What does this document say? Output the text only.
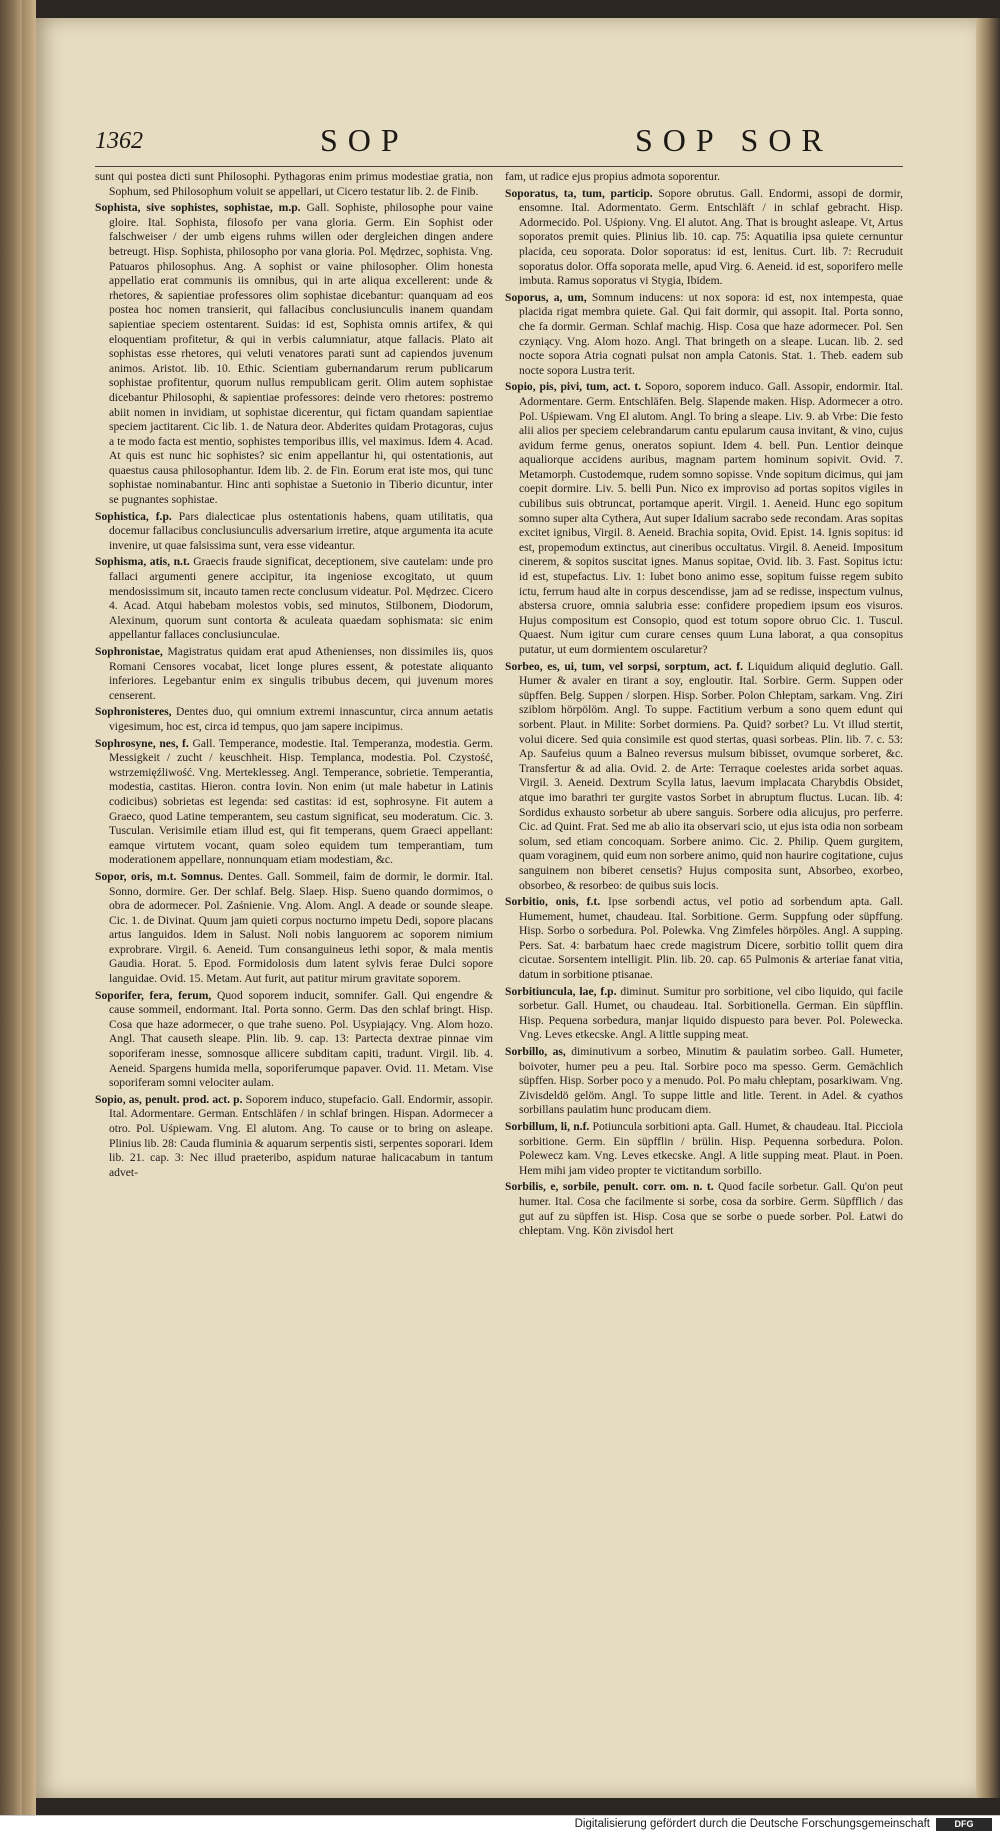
1362	SOP	SOP SOR

sunt qui postea dicti sunt Philosophi. Pythagoras enim primus modestiae gratia, non Sophum, sed Philosophum voluit se appellari, ut Cicero testatur lib. 2. de Finib.

Sophista, sive sophistes, sophistae, m.p. Gall. Sophiste, philosophe pour vaine gloire. Ital. Sophista, filosofo per vana gloria. Germ. Ein Sophist oder falschweiser / der umb eigens ruhms willen oder dergleichen dingen andere betreugt. Hisp. Sophista, philosopho por vana gloria. Pol. Mędrzec, sophista. Vng. Patuaros philosophus. Ang. A sophist or vaine philosopher. Olim honesta appellatio erat communis iis omnibus, qui in arte aliqua excellerent: unde & rhetores, & sapientiae professores olim sophistae dicebantur: quanquam ad eos postea hoc nomen transierit, qui fallacibus conclusiunculis inanem quandam sapientiae speciem ostentarent. Suidas: id est, Sophista omnis artifex, & qui eloquentiam profitetur, & qui in verbis calumniatur, atque fallacis. Plato ait sophistas esse rhetores, qui veluti venatores parati sunt ad capiendos juvenum animos. Aristot. lib. 10. Ethic. Scientiam gubernandarum rerum publicarum sophistae profitentur, quorum nullus rempublicam gerit. Olim autem sophistae dicebantur Philosophi, & sapientiae professores: deinde vero rhetores: postremo abiit nomen in invidiam, ut sophistae dicerentur, qui fictam quandam sapientiae speciem jactitarent. Cic lib. 1. de Natura deor. Abderites quidam Protagoras, cujus a te modo facta est mentio, sophistes temporibus illis, vel maximus. Idem 4. Acad. At quis est nunc hic sophistes? sic enim appellantur hi, qui ostentationis, aut quaestus causa philosophantur. Idem lib. 2. de Fin. Eorum erat iste mos, qui tunc sophistae nominabantur. Hinc anti sophistae a Suetonio in Tiberio dicuntur, inter se pugnantes sophistae.

Sophistica, f.p. Pars dialecticae plus ostentationis habens, quam utilitatis, qua docemur fallacibus conclusiunculis adversarium irretire, atque argumenta ita acute invenire, ut quae falsissima sunt, vera esse videantur.

Sophisma, atis, n.t. Graecis fraude significat, deceptionem, sive cautelam: unde pro fallaci argumenti genere accipitur, ita ingeniose excogitato, ut quum mendosissimum sit, incauto tamen recte conclusum videatur. Pol. Mędrzec. Cicero 4. Acad. Atqui habebam molestos vobis, sed minutos, Stilbonem, Diodorum, Alexinum, quorum sunt contorta & aculeata quaedam sophismata: sic enim appellantur fallaces conclusiunculae.

Sophronistae, Magistratus quidam erat apud Athenienses, non dissimiles iis, quos Romani Censores vocabat, licet longe plures essent, & potestate aliquanto inferiores. Legebantur enim ex singulis tribubus decem, qui juvenum mores censerent.

Sophronisteres, Dentes duo, qui omnium extremi innascuntur, circa annum aetatis vigesimum, hoc est, circa id tempus, quo jam sapere incipimus.

Sophrosyne, nes, f. Gall. Temperance, modestie. Ital. Temperanza, modestia. Germ. Messigkeit / zucht / keuschheit. Hisp. Templanca, modestia. Pol. Czystość, wstrzemięźliwość. Vng. Merteklesseg. Angl. Temperance, sobrietie. Temperantia, modestia, castitas. Hieron. contra Iovin. Non enim (ut male habetur in Latinis codicibus) sobrietas est legenda: sed castitas: id est, sophrosyne. Fit autem a Graeco, quod Latine temperantem, seu castum significat, seu moderatum. Cic. 3. Tusculan. Verisimile etiam illud est, qui fit temperans, quem Graeci appellant: eamque virtutem vocant, quam soleo equidem tum temperantiam, tum moderationem appellare, nonnunquam etiam modestiam, &c.

Sopor, oris, m.t. Somnus. Dentes. Gall. Sommeil, faim de dormir, le dormir. Ital. Sonno, dormire. Ger. Der schlaf. Belg. Slaep. Hisp. Sueno quando dormimos, o obra de adormecer. Pol. Zaśnienie. Vng. Alom. Angl. A deade or sounde sleape. Cic. 1. de Divinat. Quum jam quieti corpus nocturno impetu Dedi, sopore placans artus languidos. Idem in Salust. Noli nobis languorem ac soporem nimium exprobrare. Virgil. 6. Aeneid. Tum consanguineus lethi sopor, & mala mentis Gaudia. Horat. 5. Epod. Formidolosis dum latent sylvis ferae Dulci sopore languidae. Ovid. 15. Metam. Aut furit, aut patitur mirum gravitate soporem.

Soporifer, fera, ferum, Quod soporem inducit, somnifer. Gall. Qui engendre & cause sommeil, endormant. Ital. Porta sonno. Germ. Das den schlaf bringt. Hisp. Cosa que haze adormecer, o que trahe sueno. Pol. Usypiający. Vng. Alom hozo. Angl. That causeth sleape. Plin. lib. 9. cap. 13: Partecta dextrae pinnae vim soporiferam inesse, somnosque allicere subditam capiti, tradunt. Virgil. lib. 4. Aeneid. Spargens humida mella, soporiferumque papaver. Ovid. 11. Metam. Vise soporiferam somni velociter aulam.

Sopio, as, penult. prod. act. p. Soporem induco, stupefacio. Gall. Endormir, assopir. Ital. Adormentare. German. Entschläfen / in schlaf bringen. Hispan. Adormecer a otro. Pol. Uśpiewam. Vng. El alutom. Ang. To cause or to bring on asleape. Plinius lib. 28: Cauda fluminia & aquarum serpentis sisti, serpentes soporari. Idem lib. 21. cap. 3: Nec illud praeteribo, aspidum naturae halicacabum in tantum advet-

fam, ut radice ejus propius admota soporentur.

Soporatus, ta, tum, particip. Sopore obrutus. Gall. Endormi, assopi de dormir, ensomne. Ital. Adormentato. Germ. Entschläft / in schlaf gebracht. Hisp. Adormecido. Pol. Uśpiony. Vng. El alutot. Ang. That is brought asleape. Vt, Artus soporatos premit quies. Plinius lib. 10. cap. 75: Aquatilia ipsa quiete cernuntur placida, ceu soporata. Dolor soporatus: id est, lenitus. Curt. lib. 7: Recruduit soporatus dolor. Offa soporata melle, apud Virg. 6. Aeneid. id est, soporifero melle imbuta. Ramus soporatus vi Stygia, Ibidem.

Soporus, a, um, Somnum inducens: ut nox sopora: id est, nox intempesta, quae placida rigat membra quiete. Gal. Qui fait dormir, qui assopit. Ital. Porta sonno, che fa dormir. German. Schlaf machig. Hisp. Cosa que haze adormecer. Pol. Sen czyniący. Vng. Alom hozo. Angl. That bringeth on a sleape. Lucan. lib. 2. sed nocte sopora Atria cognati pulsat non ampla Catonis. Stat. 1. Theb. eadem sub nocte sopora Lustra terit.

Sopio, pis, pivi, tum, act. t. Soporo, soporem induco. Gall. Assopir, endormir. Ital. Adormentare. Germ. Entschläfen. Belg. Slapende maken. Hisp. Adormecer a otro. Pol. Uśpiewam. Vng El alutom. Angl. To bring a sleape. Liv. 9. ab Vrbe: Die festo alii alios per speciem celebrandarum cantu epularum causa invitant, & vino, cujus avidum ferme genus, oneratos sopiunt. Idem 4. bell. Pun. Lentior deinque aqualiorque accidens auribus, magnam partem hominum sopivit. Ovid. 7. Metamorph. Custodemque, rudem somno sopisse. Vnde sopitum dicimus, qui jam coepit dormire. Liv. 5. belli Pun. Nico ex improviso ad portas sopitos vigiles in cubilibus suis obtruncat, portamque aperit. Virgil. 1. Aeneid. Hunc ego sopitum somno super alta Cythera, Aut super Idalium sacrabo sede recondam. Aras sopitas excitet ignibus, Virgil. 8. Aeneid. Brachia sopita, Ovid. Epist. 14. Ignis sopitus: id est, propemodum extinctus, aut cineribus occultatus. Virgil. 8. Aeneid. Impositum cinerem, & sopitos suscitat ignes. Manus sopitae, Ovid. lib. 3. Fast. Sopitus ictu: id est, stupefactus. Liv. 1: Iubet bono animo esse, sopitum fuisse regem subito ictu, ferrum haud alte in corpus descendisse, jam ad se redisse, inspectum vulnus, abstersa cruore, omnia salubria esse: confidere propediem ipsum eos visuros. Hujus compositum est Consopio, quod est totum sopore obruo Cic. 1. Tuscul. Quaest. Num igitur cum curare censes quum Luna laborat, a qua consopitus putatur, ut eum dormientem oscularetur?

Sorbeo, es, ui, tum, vel sorpsi, sorptum, act. f. Liquidum aliquid deglutio. Gall. Humer & avaler en tirant a soy, engloutir. Ital. Sorbire. Germ. Suppen oder süpffen. Belg. Suppen / slorpen. Hisp. Sorber. Polon Chłeptam, sarkam. Vng. Ziri sziblom hörpölöm. Angl. To suppe. Factitium verbum a sono quem edunt qui sorbent. Plaut. in Milite: Sorbet dormiens. Pa. Quid? sorbet? Lu. Vt illud stertit, volui dicere. Sed quia consimile est quod stertas, quasi sorbeas. Plin. lib. 7. c. 53: Ap. Saufeius quum a Balneo reversus mulsum bibisset, ovumque sorberet, &c. Transfertur & ad alia. Ovid. 2. de Arte: Terraque coelestes arida sorbet aquas. Virgil. 3. Aeneid. Dextrum Scylla latus, laevum implacata Charybdis Obsidet, atque imo barathri ter gurgite vastos Sorbet in abruptum fluctus. Lucan. lib. 4: Sordidus exhausto sorbetur ab ubere sanguis. Sorbere odia alicujus, pro perferre. Cic. ad Quint. Frat. Sed me ab alio ita observari scio, ut ejus ista odia non sorbeam solum, sed etiam concoquam. Sorbere animo. Cic. 2. Philip. Quem gurgitem, quam voraginem, quid eum non sorbere animo, quid non haurire cogitatione, cujus sanguinem non biberet censetis? Hujus composita sunt, Absorbeo, exorbeo, obsorbeo, & resorbeo: de quibus suis locis.

Sorbitio, onis, f.t. Ipse sorbendi actus, vel potio ad sorbendum apta. Gall. Humement, humet, chaudeau. Ital. Sorbitione. Germ. Suppfung oder süpffung. Hisp. Sorbo o sorbedura. Pol. Polewka. Vng Zimfeles hörpöles. Angl. A supping. Pers. Sat. 4: barbatum haec crede magistrum Dicere, sorbitio tollit quem dira cicutae. Sorsentem intelligit. Plin. lib. 20. cap. 65 Pulmonis & arteriae fanat vitia, datum in sorbitione ptisanae.

Sorbitiuncula, lae, f.p. diminut. Sumitur pro sorbitione, vel cibo liquido, qui facile sorbetur. Gall. Humet, ou chaudeau. Ital. Sorbitionella. German. Ein süpfflin. Hisp. Pequena sorbedura, manjar liquido dispuesto para bever. Pol. Polewecka. Vng. Leves etkecske. Angl. A little supping meat.

Sorbillo, as, diminutivum a sorbeo, Minutim & paulatim sorbeo. Gall. Humeter, boivoter, humer peu a peu. Ital. Sorbire poco ma spesso. Germ. Gemächlich süpffen. Hisp. Sorber poco y a menudo. Pol. Po mału chłeptam, posarkiwam. Vng. Zivisdeldö gelöm. Angl. To suppe little and litle. Terent. in Adel. & cyathos sorbillans paulatim hunc producam diem.

Sorbillum, li, n.f. Potiuncula sorbitioni apta. Gall. Humet, & chaudeau. Ital. Picciola sorbitione. Germ. Ein süpfflin / brülin. Hisp. Pequenna sorbedura. Polon. Polewecz kam. Vng. Leves etkecske. Angl. A litle supping meat. Plaut. in Poen. Hem mihi jam video propter te victitandum sorbillo.

Sorbilis, e, sorbile, penult. corr. om. n. t. Quod facile sorbetur. Gall. Qu'on peut humer. Ital. Cosa che facilmente si sorbe, cosa da sorbire. Germ. Süpfflich / das gut auf zu süpffen ist. Hisp. Cosa que se sorbe o puede sorber. Pol. Łatwi do chłeptam. Vng. Kön zivisdol hert

Digitalisierung gefördert durch die Deutsche Forschungsgemeinschaft	DFG
